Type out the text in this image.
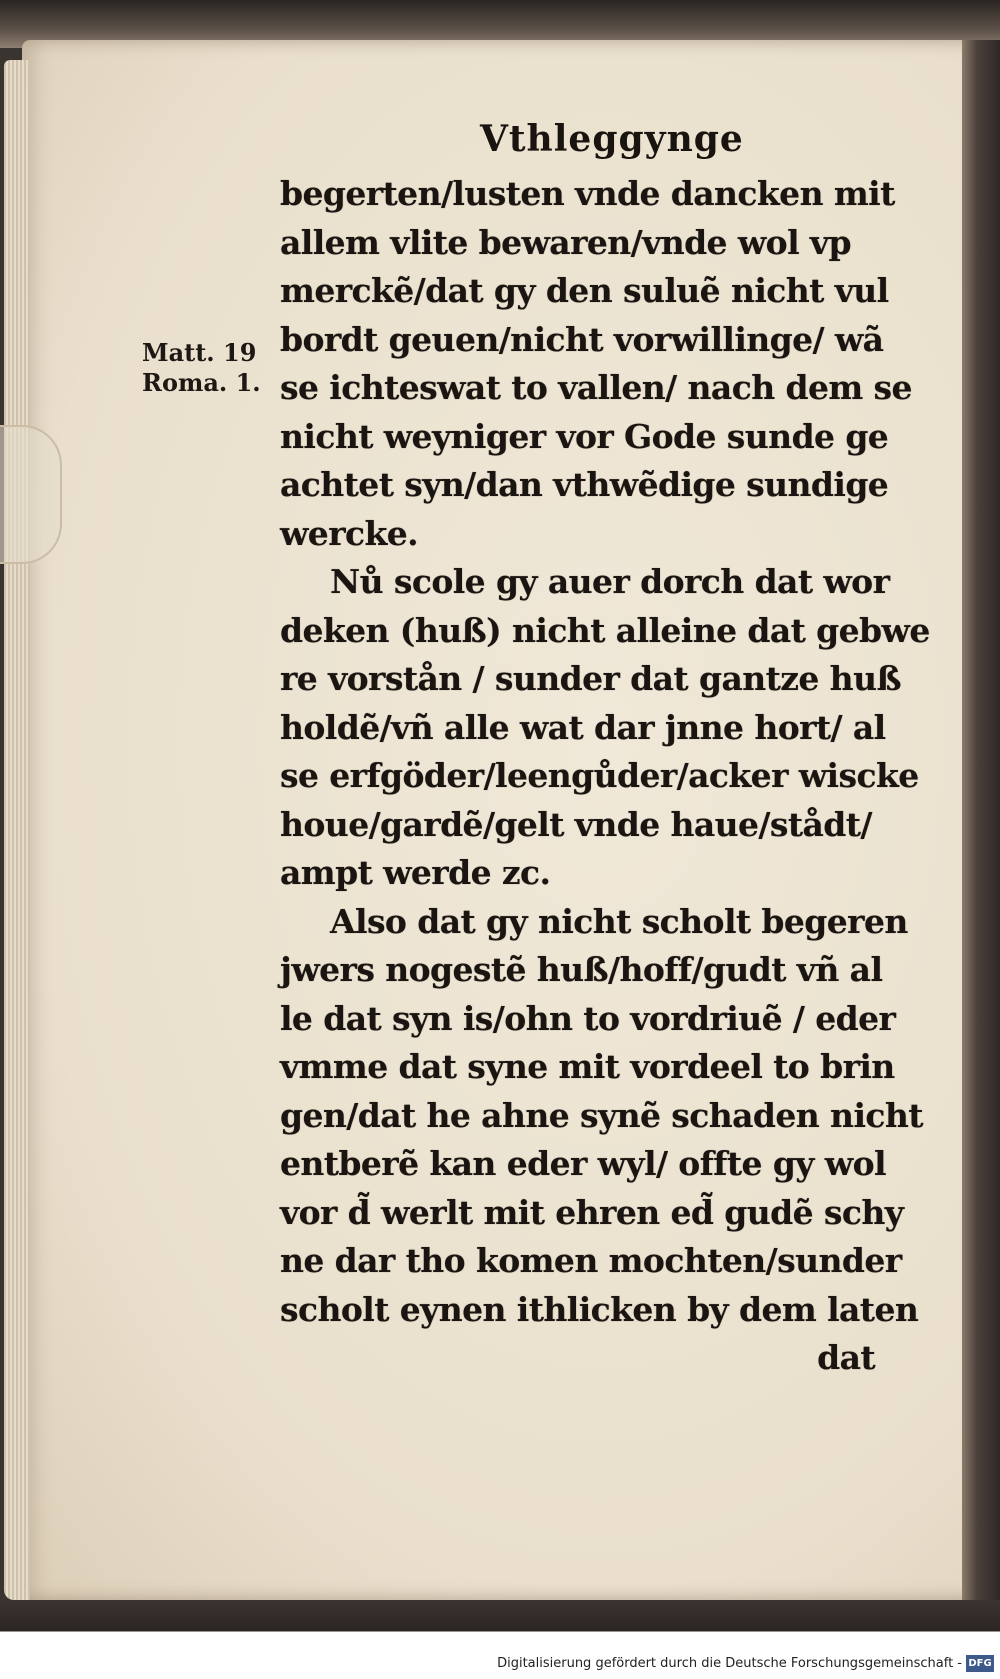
Vthleggynge
Matt. 19
Roma. 1.
begerten/lusten vnde dancken mit
allem vlite bewaren/vnde wol vp
merckẽ/dat gy den suluẽ nicht vul
bordt geuen/nicht vorwillinge/ wã
se ichteswat to vallen/ nach dem se
nicht weyniger vor Gode sunde ge
achtet syn/dan vthwẽdige sundige
wercke.
Nů scole gy auer dorch dat wor
deken (huß) nicht alleine dat gebwe
re vorstån / sunder dat gantze huß
holdẽ/vñ alle wat dar jnne hort/ al
se erfgöder/leengůder/acker wiscke
houe/gardẽ/gelt vnde haue/stådt/
ampt werde zc.
Also dat gy nicht scholt begeren
jwers nogestẽ huß/hoff/gudt vñ al
le dat syn is/ohn to vordriuẽ / eder
vmme dat syne mit vordeel to brin
gen/dat he ahne synẽ schaden nicht
entberẽ kan eder wyl/ offte gy wol
vor d̃ werlt mit ehren ed̃ gudẽ schy
ne dar tho komen mochten/sunder
scholt eynen ithlicken by dem laten
dat
Digitalisierung gefördert durch die Deutsche Forschungsgemeinschaft - DFG
